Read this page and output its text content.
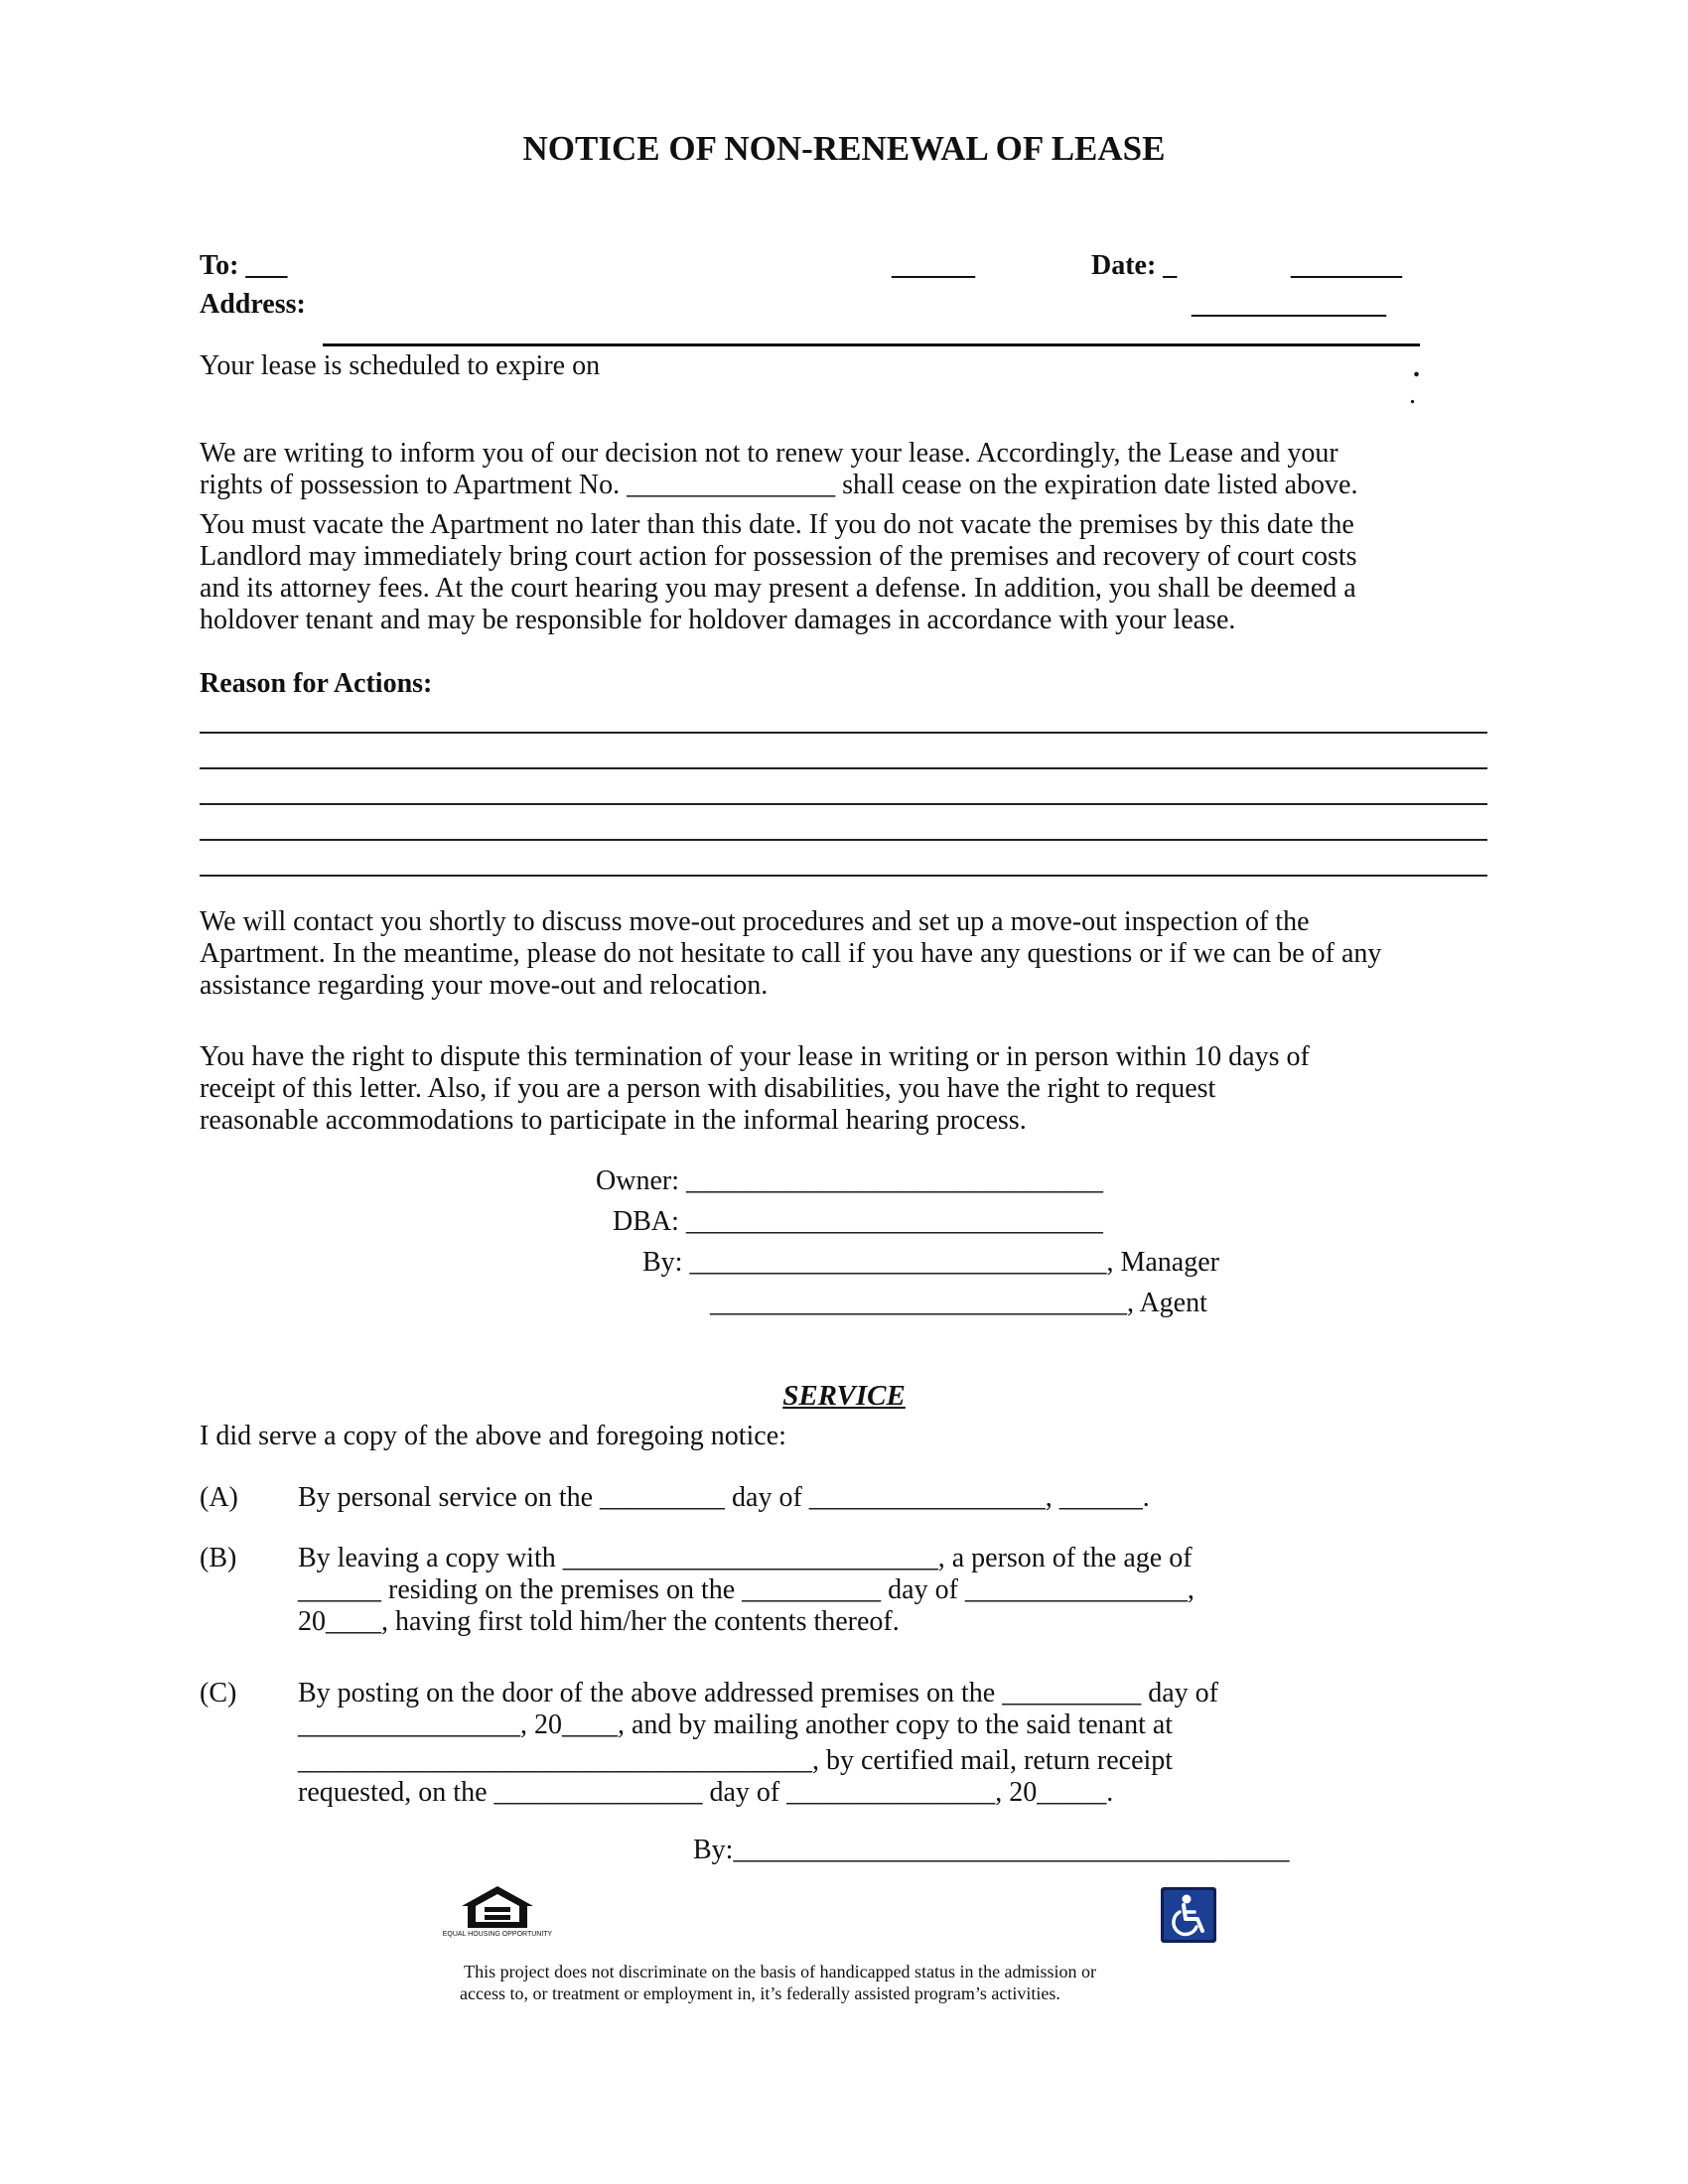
NOTICE OF NON-RENEWAL OF LEASE
To: ___	______	Date: _	________
Address:	______________
Your lease is scheduled to expire on	.
.
We are writing to inform you of our decision not to renew your lease. Accordingly, the Lease and your
rights of possession to Apartment No. _______________ shall cease on the expiration date listed above.
You must vacate the Apartment no later than this date. If you do not vacate the premises by this date the
Landlord may immediately bring court action for possession of the premises and recovery of court costs
and its attorney fees. At the court hearing you may present a defense. In addition, you shall be deemed a
holdover tenant and may be responsible for holdover damages in accordance with your lease.
Reason for Actions:
We will contact you shortly to discuss move-out procedures and set up a move-out inspection of the
Apartment. In the meantime, please do not hesitate to call if you have any questions or if we can be of any
assistance regarding your move-out and relocation.
You have the right to dispute this termination of your lease in writing or in person within 10 days of
receipt of this letter. Also, if you are a person with disabilities, you have the right to request
reasonable accommodations to participate in the informal hearing process.
Owner: ______________________________
DBA: ______________________________
By: ______________________________, Manager
______________________________, Agent
SERVICE
I did serve a copy of the above and foregoing notice:
(A) By personal service on the _________ day of _________________, ______.
(B) By leaving a copy with ___________________________, a person of the age of
______ residing on the premises on the __________ day of ________________,
20____, having first told him/her the contents thereof.
(C) By posting on the door of the above addressed premises on the __________ day of
________________, 20____, and by mailing another copy to the said tenant at
_____________________________________, by certified mail, return receipt
requested, on the _______________ day of _______________, 20_____.
By:________________________________________
EQUAL HOUSING OPPORTUNITY
This project does not discriminate on the basis of handicapped status in the admission or
access to, or treatment or employment in, it’s federally assisted program’s activities.
